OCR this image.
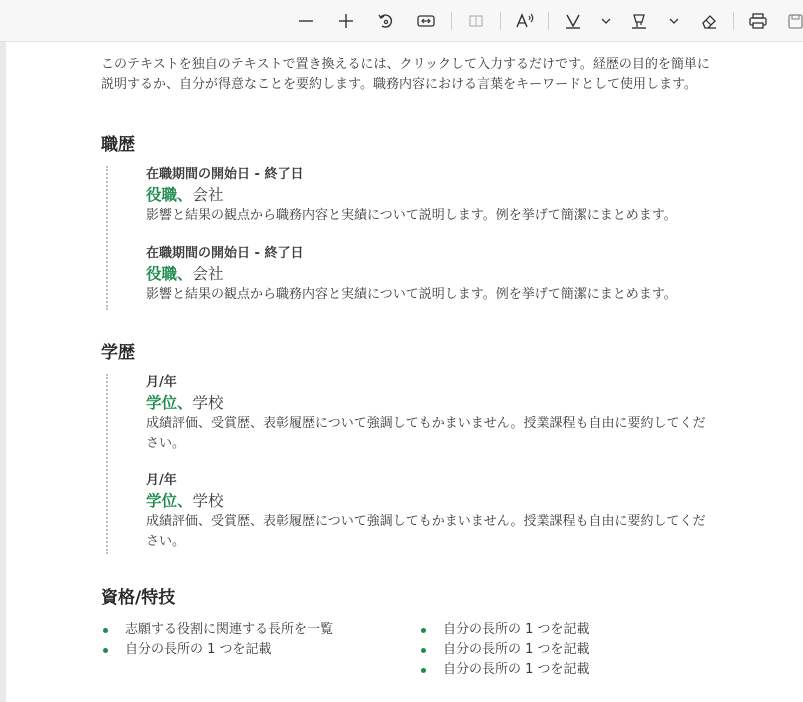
このテキストを独自のテキストで置き換えるには、クリックして入力するだけです。経歴の目的を簡単に説明するか、自分が得意なことを要約します。職務内容における言葉をキーワードとして使用します。

職歴
在職期間の開始日 - 終了日
役職、会社
影響と結果の観点から職務内容と実績について説明します。例を挙げて簡潔にまとめます。
在職期間の開始日 - 終了日
役職、会社
影響と結果の観点から職務内容と実績について説明します。例を挙げて簡潔にまとめます。
学歴
月/年
学位、学校
成績評価、受賞歴、表彰履歴について強調してもかまいません。授業課程も自由に要約してください。
月/年
学位、学校
成績評価、受賞歴、表彰履歴について強調してもかまいません。授業課程も自由に要約してください。
資格/特技
志願する役割に関連する長所を一覧
自分の長所の 1 つを記載
自分の長所の 1 つを記載
自分の長所の 1 つを記載
自分の長所の 1 つを記載
